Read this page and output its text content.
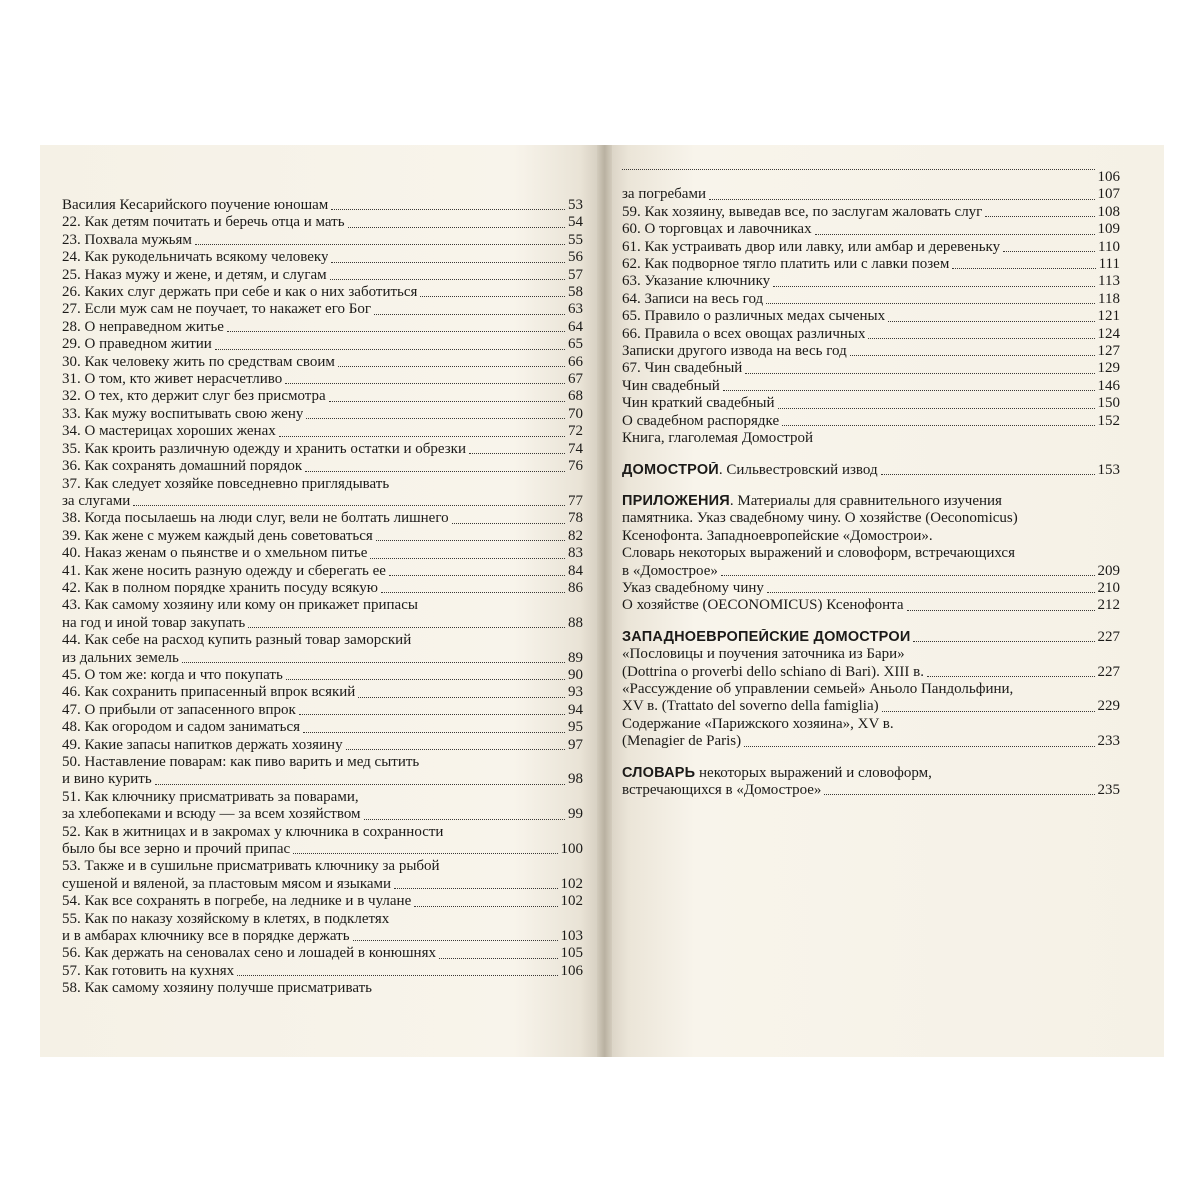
Василия Кесарийского поучение юношам	53
22. Как детям почитать и беречь отца и мать	54
23. Похвала мужьям	55
24. Как рукодельничать всякому человеку	56
25. Наказ мужу и жене, и детям, и слугам	57
26. Каких слуг держать при себе и как о них заботиться	58
27. Если муж сам не поучает, то накажет его Бог	63
28. О неправедном житье	64
29. О праведном житии	65
30. Как человеку жить по средствам своим	66
31. О том, кто живет нерасчетливо	67
32. О тех, кто держит слуг без присмотра	68
33. Как мужу воспитывать свою жену	70
34. О мастерицах хороших женах	72
35. Как кроить различную одежду и хранить остатки и обрезки	74
36. Как сохранять домашний порядок	76
37. Как следует хозяйке повседневно приглядывать
за слугами	77
38. Когда посылаешь на люди слуг, вели не болтать лишнего	78
39. Как жене с мужем каждый день советоваться	82
40. Наказ женам о пьянстве и о хмельном питье	83
41. Как жене носить разную одежду и сберегать ее	84
42. Как в полном порядке хранить посуду всякую	86
43. Как самому хозяину или кому он прикажет припасы
на год и иной товар закупать	88
44. Как себе на расход купить разный товар заморский
из дальних земель	89
45. О том же: когда и что покупать	90
46. Как сохранить припасенный впрок всякий	93
47. О прибыли от запасенного впрок	94
48. Как огородом и садом заниматься	95
49. Какие запасы напитков держать хозяину	97
50. Наставление поварам: как пиво варить и мед сытить
и вино курить	98
51. Как ключнику присматривать за поварами,
за хлебопеками и всюду — за всем хозяйством	99
52. Как в житницах и в закромах у ключника в сохранности
было бы все зерно и прочий припас	100
53. Также и в сушильне присматривать ключнику за рыбой
сушеной и вяленой, за пластовым мясом и языками	102
54. Как все сохранять в погребе, на леднике и в чулане	102
55. Как по наказу хозяйскому в клетях, в подклетях
и в амбарах ключнику все в порядке держать	103
56. Как держать на сеновалах сено и лошадей в конюшнях	105
57. Как готовить на кухнях	106
58. Как самому хозяину получше присматривать
106
за погребами	107
59. Как хозяину, выведав все, по заслугам жаловать слуг	108
60. О торговцах и лавочниках	109
61. Как устраивать двор или лавку, или амбар и деревеньку	110
62. Как подворное тягло платить или с лавки позем	111
63. Указание ключнику	113
64. Записи на весь год	118
65. Правило о различных медах сыченых	121
66. Правила о всех овощах различных	124
Записки другого извода на весь год	127
67. Чин свадебный	129
Чин свадебный	146
Чин краткий свадебный	150
О свадебном распорядке	152
Книга, глаголемая Домострой
ДОМОСТРОЙ. Сильвестровский извод	153
ПРИЛОЖЕНИЯ. Материалы для сравнительного изучения
памятника. Указ свадебному чину. О хозяйстве (Oeconomicus)
Ксенофонта. Западноевропейские «Домострои».
Словарь некоторых выражений и словоформ, встречающихся
в «Домострое»	209
Указ свадебному чину	210
О хозяйстве (OECONOMICUS) Ксенофонта	212
ЗАПАДНОЕВРОПЕЙСКИЕ ДОМОСТРОИ	227
«Пословицы и поучения заточника из Бари»
(Dottrina o proverbi dello schiano di Bari). XIII в.	227
«Рассуждение об управлении семьей» Аньоло Пандольфини,
XV в. (Trattato del soverno della famiglia)	229
Содержание «Парижского хозяина», XV в.
(Menagier de Paris)	233
СЛОВАРЬ некоторых выражений и словоформ,
встречающихся в «Домострое»	235
